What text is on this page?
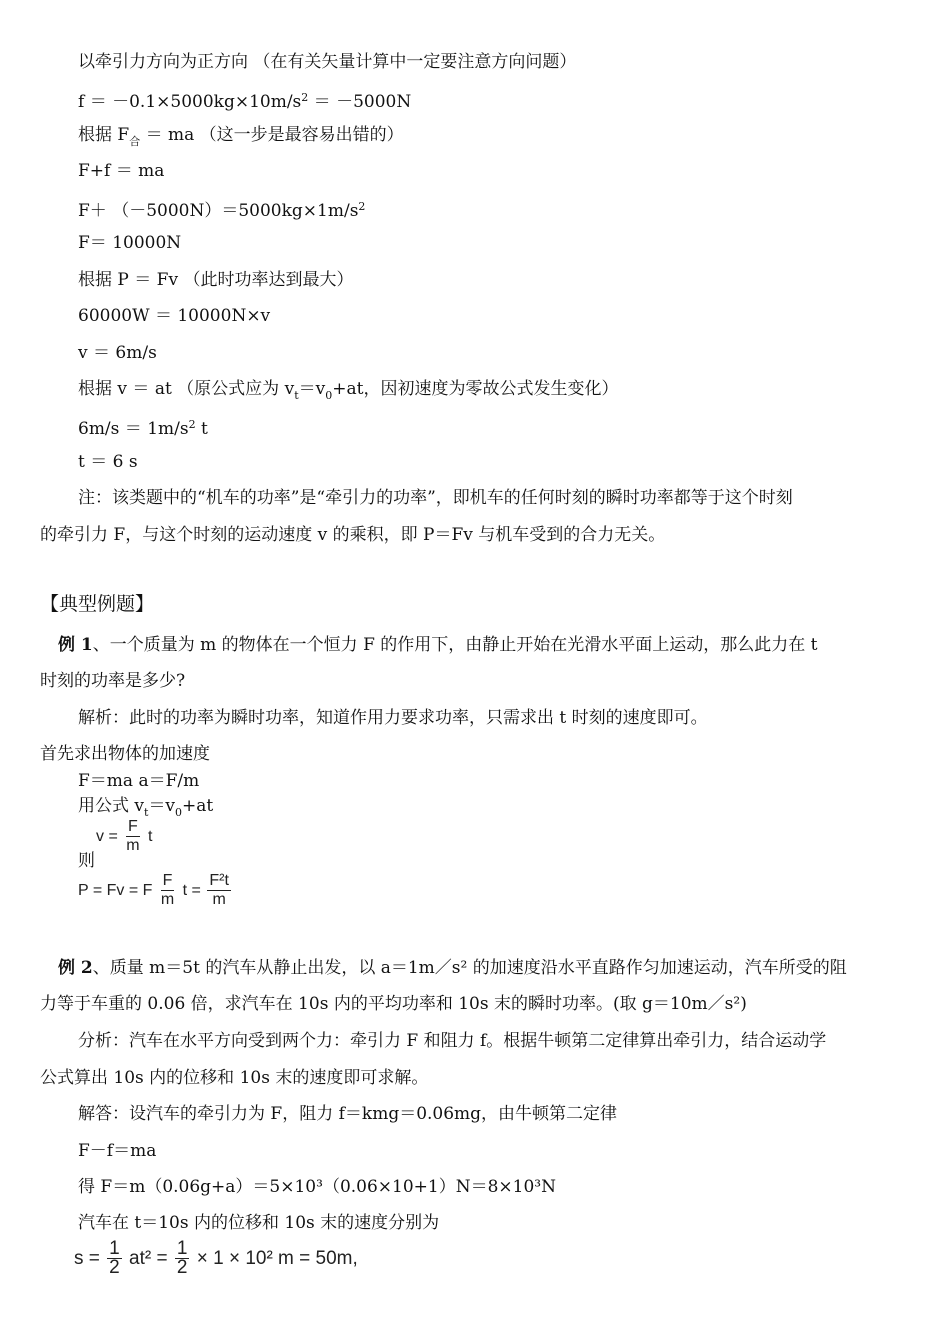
以牵引力方向为正方向 （在有关矢量计算中一定要注意方向问题）
$f = -0.1\times 5000kg\times 10m/s^2 = -5000N$
根据 $F_合$ ＝ ma （这一步是最容易出错的）
F+f ＝ ma
$F+ (-5000N)=5000kg\times 1m/s^2$
F＝ 10000N
根据 P ＝ Fv （此时功率达到最大）
60000W ＝ 10000N×v
v ＝ 6m/s
根据 v ＝ at （原公式应为 $v_t=v_0+at$，因初速度为零故公式发生变化）
$6m/s = 1m/s^2$ t
t ＝ 6 s
注：该类题中的“机车的功率”是“牵引力的功率”，即机车的任何时刻的瞬时功率都等于这个时刻
的牵引力 F，与这个时刻的运动速度 v 的乘积，即 P＝Fv 与机车受到的合力无关。
【典型例题】
例 1、一个质量为 m 的物体在一个恒力 F 的作用下，由静止开始在光滑水平面上运动，那么此力在 t
时刻的功率是多少?
解析：此时的功率为瞬时功率，知道作用力要求功率，只需求出 t 时刻的速度即可。
首先求出物体的加速度
F＝ma a＝F/m
用公式 $v_t=v_0+at$
$v = \frac{F}{m}$ t
则
P = Fv = F $\frac{F}{m}$ $t = \frac{\text{F²t}}{m}$
例 2、质量 m＝5t 的汽车从静止出发，以 a＝1m／s² 的加速度沿水平直路作匀加速运动，汽车所受的阻
力等于车重的 0.06 倍，求汽车在 10s 内的平均功率和 10s 末的瞬时功率。(取 g＝10m／s²)
分析：汽车在水平方向受到两个力：牵引力 F 和阻力 f。根据牛顿第二定律算出牵引力，结合运动学
公式算出 10s 内的位移和 10s 末的速度即可求解。
解答：设汽车的牵引力为 F，阻力 f＝kmg＝0.06mg，由牛顿第二定律
F－f＝ma
得 F＝m（0.06g+a）＝5×10³（0.06×10+1）N＝8×10³N
汽车在 t＝10s 内的位移和 10s 末的速度分别为
$s = \frac{1}{2} at^2 = \frac{1}{2} \times 1 \times 10^2$ m = 50m,
